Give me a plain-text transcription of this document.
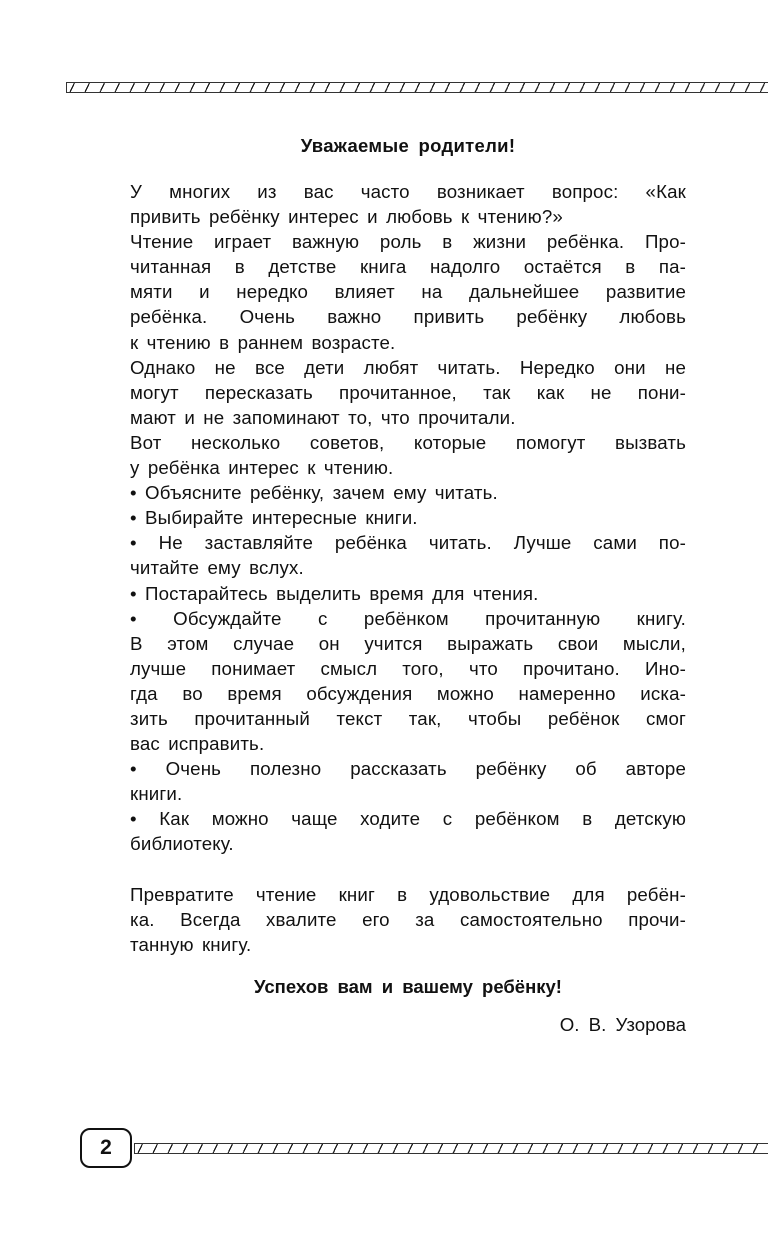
Уважаемые родители!
У многих из вас часто возникает вопрос: «Как
привить ребёнку интерес и любовь к чтению?»
Чтение играет важную роль в жизни ребёнка. Про-
читанная в детстве книга надолго остаётся в па-
мяти и нередко влияет на дальнейшее развитие
ребёнка. Очень важно привить ребёнку любовь
к чтению в раннем возрасте.
Однако не все дети любят читать. Нередко они не
могут пересказать прочитанное, так как не пони-
мают и не запоминают то, что прочитали.
Вот несколько советов, которые помогут вызвать
у ребёнка интерес к чтению.
• Объясните ребёнку, зачем ему читать.
• Выбирайте интересные книги.
• Не заставляйте ребёнка читать. Лучше сами по-
читайте ему вслух.
• Постарайтесь выделить время для чтения.
• Обсуждайте с ребёнком прочитанную книгу.
В этом случае он учится выражать свои мысли,
лучше понимает смысл того, что прочитано. Ино-
гда во время обсуждения можно намеренно иска-
зить прочитанный текст так, чтобы ребёнок смог
вас исправить.
• Очень полезно рассказать ребёнку об авторе
книги.
• Как можно чаще ходите с ребёнком в детскую
библиотеку.
Превратите чтение книг в удовольствие для ребён-
ка. Всегда хвалите его за самостоятельно прочи-
танную книгу.
Успехов вам и вашему ребёнку!
О. В. Узорова
2
